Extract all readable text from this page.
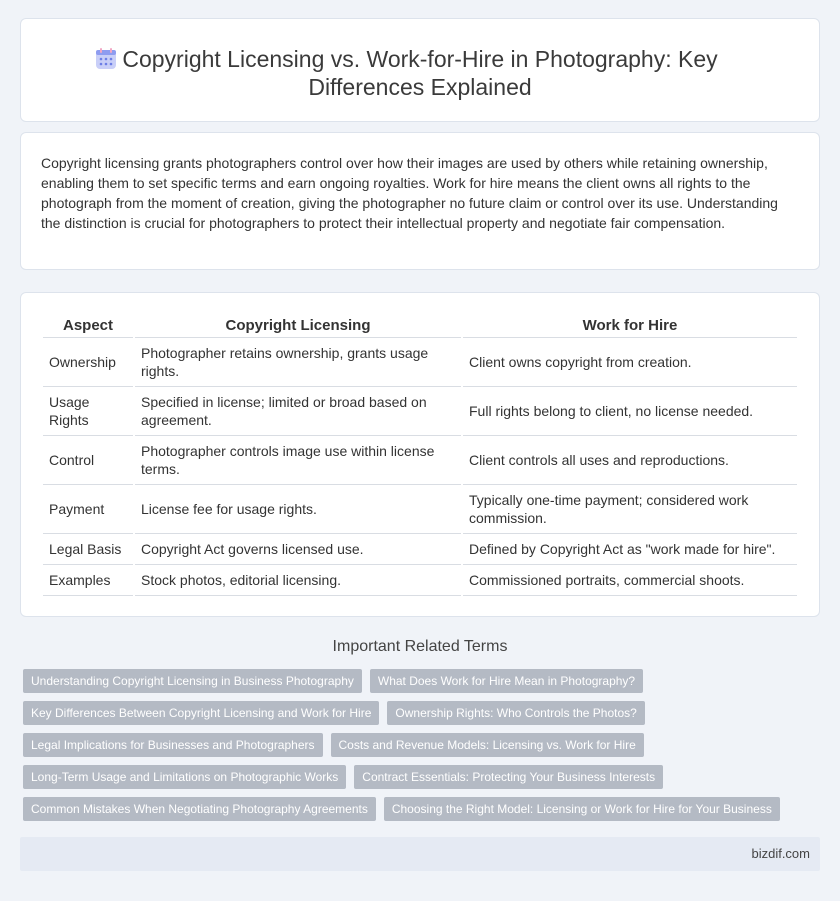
Copyright Licensing vs. Work-for-Hire in Photography: Key Differences Explained

Copyright licensing grants photographers control over how their images are used by others while retaining ownership, enabling them to set specific terms and earn ongoing royalties. Work for hire means the client owns all rights to the photograph from the moment of creation, giving the photographer no future claim or control over its use. Understanding the distinction is crucial for photographers to protect their intellectual property and negotiate fair compensation.

Aspect	Copyright Licensing	Work for Hire
Ownership	Photographer retains ownership, grants usage rights.	Client owns copyright from creation.
Usage Rights	Specified in license; limited or broad based on agreement.	Full rights belong to client, no license needed.
Control	Photographer controls image use within license terms.	Client controls all uses and reproductions.
Payment	License fee for usage rights.	Typically one-time payment; considered work commission.
Legal Basis	Copyright Act governs licensed use.	Defined by Copyright Act as "work made for hire".
Examples	Stock photos, editorial licensing.	Commissioned portraits, commercial shoots.
Important Related Terms
Understanding Copyright Licensing in Business Photography	What Does Work for Hire Mean in Photography?
Key Differences Between Copyright Licensing and Work for Hire	Ownership Rights: Who Controls the Photos?
Legal Implications for Businesses and Photographers	Costs and Revenue Models: Licensing vs. Work for Hire
Long-Term Usage and Limitations on Photographic Works	Contract Essentials: Protecting Your Business Interests
Common Mistakes When Negotiating Photography Agreements	Choosing the Right Model: Licensing or Work for Hire for Your Business
bizdif.com
